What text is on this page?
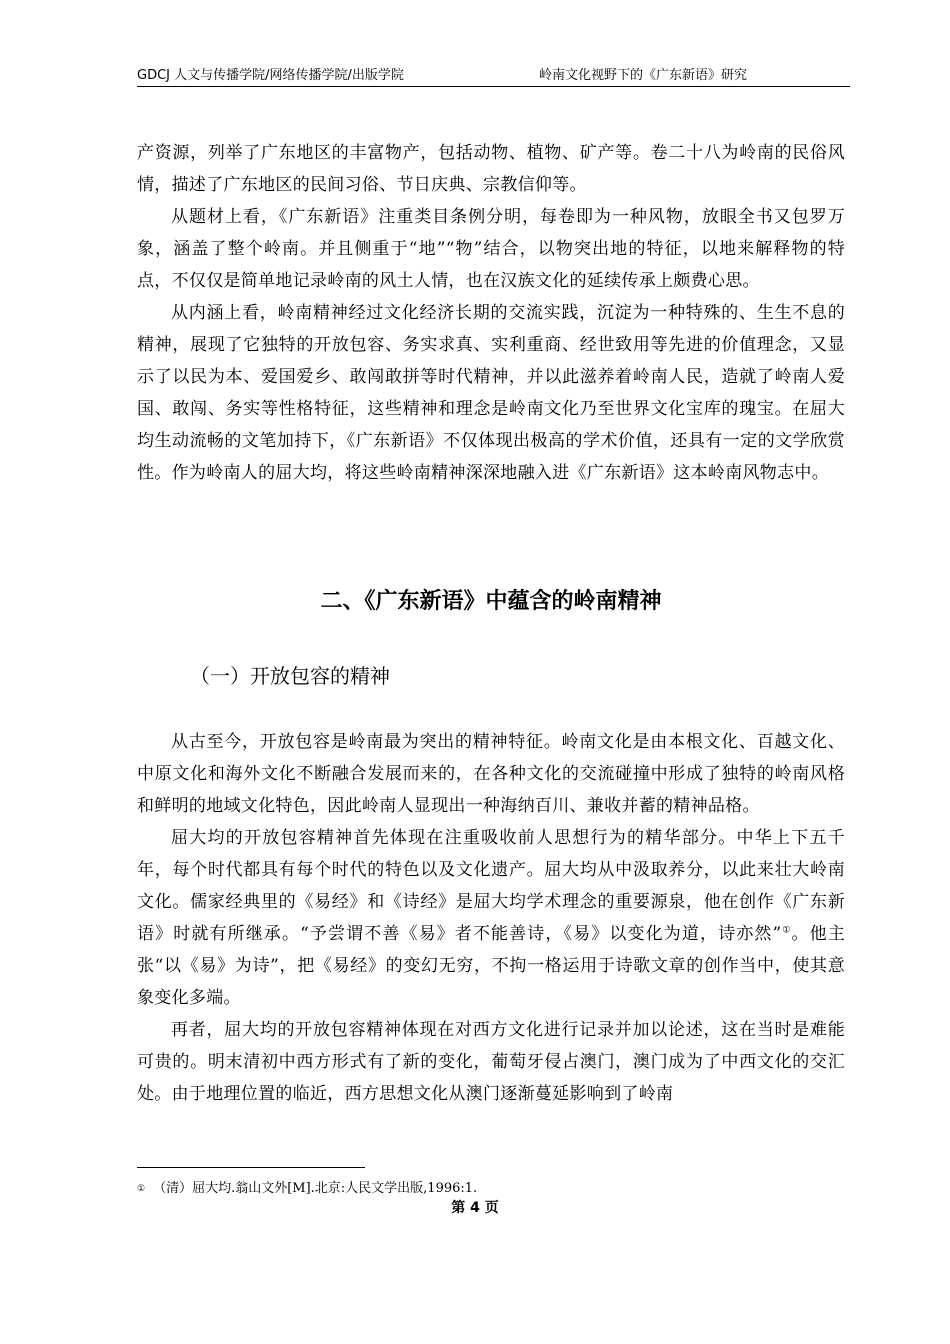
GDCJ 人文与传播学院/网络传播学院/出版学院	岭南文化视野下的《广东新语》研究

产资源，列举了广东地区的丰富物产，包括动物、植物、矿产等。卷二十八为岭南的民俗风情，描述了广东地区的民间习俗、节日庆典、宗教信仰等。

从题材上看，《广东新语》注重类目条例分明，每卷即为一种风物，放眼全书又包罗万象，涵盖了整个岭南。并且侧重于“地”“物”结合，以物突出地的特征，以地来解释物的特点，不仅仅是简单地记录岭南的风土人情，也在汉族文化的延续传承上颇费心思。

从内涵上看，岭南精神经过文化经济长期的交流实践，沉淀为一种特殊的、生生不息的精神，展现了它独特的开放包容、务实求真、实利重商、经世致用等先进的价值理念，又显示了以民为本、爱国爱乡、敢闯敢拼等时代精神，并以此滋养着岭南人民，造就了岭南人爱国、敢闯、务实等性格特征，这些精神和理念是岭南文化乃至世界文化宝库的瑰宝。在屈大均生动流畅的文笔加持下，《广东新语》不仅体现出极高的学术价值，还具有一定的文学欣赏性。作为岭南人的屈大均，将这些岭南精神深深地融入进《广东新语》这本岭南风物志中。

二、《广东新语》中蕴含的岭南精神
（一）开放包容的精神

从古至今，开放包容是岭南最为突出的精神特征。岭南文化是由本根文化、百越文化、中原文化和海外文化不断融合发展而来的，在各种文化的交流碰撞中形成了独特的岭南风格和鲜明的地域文化特色，因此岭南人显现出一种海纳百川、兼收并蓄的精神品格。

屈大均的开放包容精神首先体现在注重吸收前人思想行为的精华部分。中华上下五千年，每个时代都具有每个时代的特色以及文化遗产。屈大均从中汲取养分，以此来壮大岭南文化。儒家经典里的《易经》和《诗经》是屈大均学术理念的重要源泉，他在创作《广东新语》时就有所继承。“予尝谓不善《易》者不能善诗，《易》以变化为道，诗亦然”①。他主张“以《易》为诗”，把《易经》的变幻无穷，不拘一格运用于诗歌文章的创作当中，使其意象变化多端。

再者，屈大均的开放包容精神体现在对西方文化进行记录并加以论述，这在当时是难能可贵的。明末清初中西方形式有了新的变化，葡萄牙侵占澳门，澳门成为了中西文化的交汇处。由于地理位置的临近，西方思想文化从澳门逐渐蔓延影响到了岭南

① （清）屈大均.翁山文外[M].北京:人民文学出版,1996:1.
第 4 页
